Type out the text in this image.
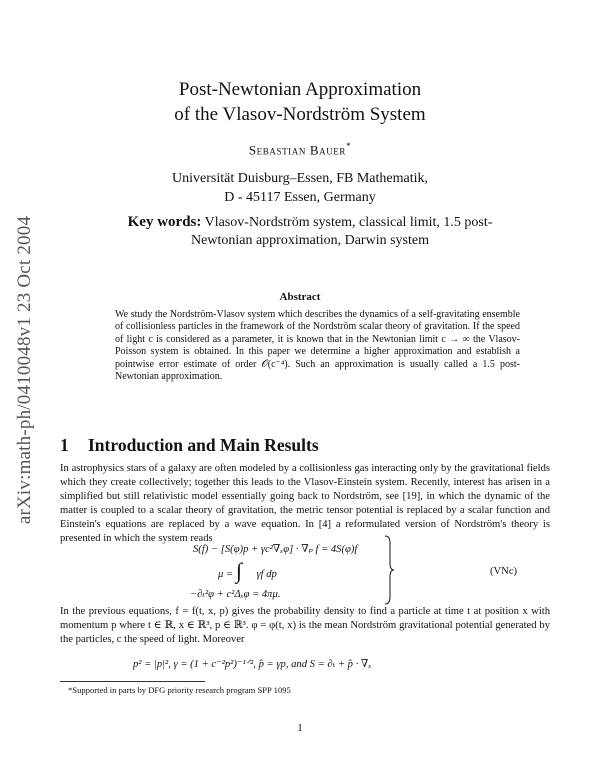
arXiv:math-ph/0410048v1 23 Oct 2004
Post-Newtonian Approximation
of the Vlasov-Nordström System
Sebastian Bauer*
Universität Duisburg–Essen, FB Mathematik,
D - 45117 Essen, Germany
Key words: Vlasov-Nordström system, classical limit, 1.5 post-Newtonian approximation, Darwin system
Abstract
We study the Nordström-Vlasov system which describes the dynamics of a self-gravitating ensemble of collisionless particles in the framework of the Nordström scalar theory of gravitation. If the speed of light c is considered as a parameter, it is known that in the Newtonian limit c → ∞ the Vlasov-Poisson system is obtained. In this paper we determine a higher approximation and establish a pointwise error estimate of order 𝒪(c⁻⁴). Such an approximation is usually called a 1.5 post-Newtonian approximation.
1 Introduction and Main Results
In astrophysics stars of a galaxy are often modeled by a collisionless gas interacting only by the gravitational fields which they create collectively; together this leads to the Vlasov-Einstein system. Recently, interest has arisen in a simplified but still relativistic model essentially going back to Nordström, see [19], in which the dynamic of the matter is coupled to a scalar theory of gravitation, the metric tensor potential is replaced by a scalar function and Einstein's equations are replaced by a wave equation. In [4] a reformulated version of Nordström's theory is presented in which the system reads
S(f) − [S(φ)p + γc²∇ₓφ] · ∇ₚ f = 4S(φ)f
μ = γf dp
∫
−∂ₜ²φ + c²Δₓφ = 4πμ.
(VNc)
In the previous equations, f = f(t, x, p) gives the probability density to find a particle at time t at position x with momentum p where t ∈ ℝ, x ∈ ℝ³, p ∈ ℝ³. φ = φ(t, x) is the mean Nordström gravitational potential generated by the particles, c the speed of light. Moreover
p² = |p|², γ = (1 + c⁻²p²)⁻¹ᐟ², p̂ = γp, and S = ∂ₜ + p̂ · ∇ₓ
*Supported in parts by DFG priority research program SPP 1095
1
